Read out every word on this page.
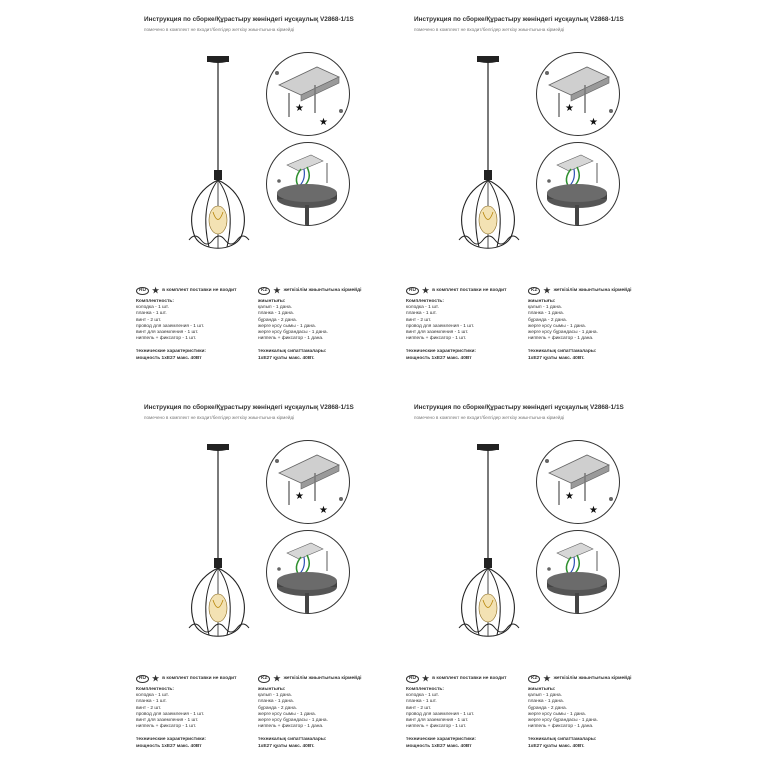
Инструкция по сборке/Құрастыру жөніндегі нұсқаулық V2868-1/1S
помечено в комплект не входит/белгідер жеткізу жиынтығына кірмейді
★
★
RU ★ в комплект поставки не входит
Комплектность:
колодка - 1 шт.
планка - 1 шт.
винт - 2 шт.
провод для заземления - 1 шт.
винт для заземления - 1 шт.
ниппель + фиксатор - 1 шт.
технические характеристики:
мощность 1хЕ27 макс. 40Вт
KZ ★ жеткізілім жиынтығына кірмейді
жиынтығы:
қалып - 1 дана.
планка - 1 дана.
бұранда - 2 дана.
жерге қосу сымы - 1 дана.
жерге қосу бұрандасы - 1 дана.
ниппель + фиксатор - 1 дана.
техникалық сипаттамалары:
1хЕ27 қуаты макс. 40Вт.
Инструкция по сборке/Құрастыру жөніндегі нұсқаулық V2868-1/1S
помечено в комплект не входит/белгідер жеткізу жиынтығына кірмейді
★
★
RU ★ в комплект поставки не входит
Комплектность:
колодка - 1 шт.
планка - 1 шт.
винт - 2 шт.
провод для заземления - 1 шт.
винт для заземления - 1 шт.
ниппель + фиксатор - 1 шт.
технические характеристики:
мощность 1хЕ27 макс. 40Вт
KZ ★ жеткізілім жиынтығына кірмейді
жиынтығы:
қалып - 1 дана.
планка - 1 дана.
бұранда - 2 дана.
жерге қосу сымы - 1 дана.
жерге қосу бұрандасы - 1 дана.
ниппель + фиксатор - 1 дана.
техникалық сипаттамалары:
1хЕ27 қуаты макс. 40Вт.
Инструкция по сборке/Құрастыру жөніндегі нұсқаулық V2868-1/1S
помечено в комплект не входит/белгідер жеткізу жиынтығына кірмейді
★
★
RU ★ в комплект поставки не входит
Комплектность:
колодка - 1 шт.
планка - 1 шт.
винт - 2 шт.
провод для заземления - 1 шт.
винт для заземления - 1 шт.
ниппель + фиксатор - 1 шт.
технические характеристики:
мощность 1хЕ27 макс. 40Вт
KZ ★ жеткізілім жиынтығына кірмейді
жиынтығы:
қалып - 1 дана.
планка - 1 дана.
бұранда - 2 дана.
жерге қосу сымы - 1 дана.
жерге қосу бұрандасы - 1 дана.
ниппель + фиксатор - 1 дана.
техникалық сипаттамалары:
1хЕ27 қуаты макс. 40Вт.
Инструкция по сборке/Құрастыру жөніндегі нұсқаулық V2868-1/1S
помечено в комплект не входит/белгідер жеткізу жиынтығына кірмейді
★
★
RU ★ в комплект поставки не входит
Комплектность:
колодка - 1 шт.
планка - 1 шт.
винт - 2 шт.
провод для заземления - 1 шт.
винт для заземления - 1 шт.
ниппель + фиксатор - 1 шт.
технические характеристики:
мощность 1хЕ27 макс. 40Вт
KZ ★ жеткізілім жиынтығына кірмейді
жиынтығы:
қалып - 1 дана.
планка - 1 дана.
бұранда - 2 дана.
жерге қосу сымы - 1 дана.
жерге қосу бұрандасы - 1 дана.
ниппель + фиксатор - 1 дана.
техникалық сипаттамалары:
1хЕ27 қуаты макс. 40Вт.
